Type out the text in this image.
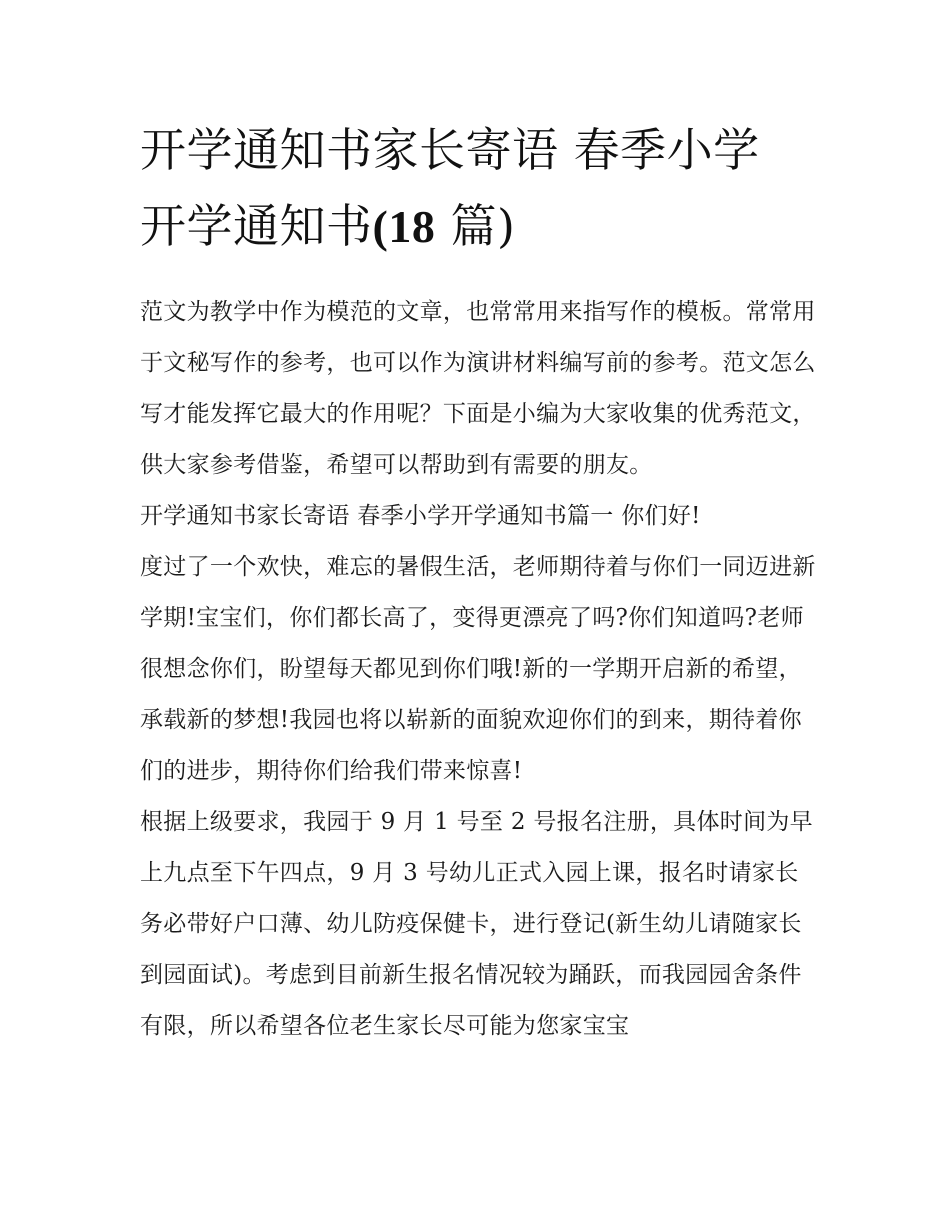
开学通知书家长寄语 春季小学
开学通知书(18 篇)

范文为教学中作为模范的文章，也常常用来指写作的模板。常常用于文秘写作的参考，也可以作为演讲材料编写前的参考。范文怎么写才能发挥它最大的作用呢？下面是小编为大家收集的优秀范文，供大家参考借鉴，希望可以帮助到有需要的朋友。

开学通知书家长寄语 春季小学开学通知书篇一 你们好!

度过了一个欢快，难忘的暑假生活，老师期待着与你们一同迈进新学期!宝宝们，你们都长高了，变得更漂亮了吗?你们知道吗?老师很想念你们，盼望每天都见到你们哦!新的一学期开启新的希望，承载新的梦想!我园也将以崭新的面貌欢迎你们的到来，期待着你们的进步，期待你们给我们带来惊喜!

根据上级要求，我园于 9 月 1 号至 2 号报名注册，具体时间为早上九点至下午四点，9 月 3 号幼儿正式入园上课，报名时请家长务必带好户口薄、幼儿防疫保健卡，进行登记(新生幼儿请随家长到园面试)。考虑到目前新生报名情况较为踊跃，而我园园舍条件有限，所以希望各位老生家长尽可能为您家宝宝
